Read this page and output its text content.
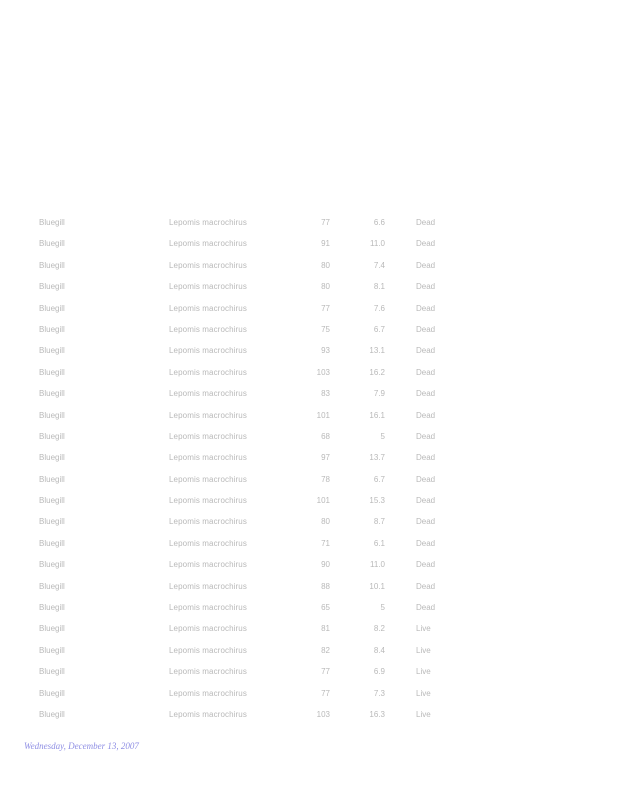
Bluegill	Lepomis macrochirus	77	6.6	Dead
Bluegill	Lepomis macrochirus	91	11.0	Dead
Bluegill	Lepomis macrochirus	80	7.4	Dead
Bluegill	Lepomis macrochirus	80	8.1	Dead
Bluegill	Lepomis macrochirus	77	7.6	Dead
Bluegill	Lepomis macrochirus	75	6.7	Dead
Bluegill	Lepomis macrochirus	93	13.1	Dead
Bluegill	Lepomis macrochirus	103	16.2	Dead
Bluegill	Lepomis macrochirus	83	7.9	Dead
Bluegill	Lepomis macrochirus	101	16.1	Dead
Bluegill	Lepomis macrochirus	68	5	Dead
Bluegill	Lepomis macrochirus	97	13.7	Dead
Bluegill	Lepomis macrochirus	78	6.7	Dead
Bluegill	Lepomis macrochirus	101	15.3	Dead
Bluegill	Lepomis macrochirus	80	8.7	Dead
Bluegill	Lepomis macrochirus	71	6.1	Dead
Bluegill	Lepomis macrochirus	90	11.0	Dead
Bluegill	Lepomis macrochirus	88	10.1	Dead
Bluegill	Lepomis macrochirus	65	5	Dead
Bluegill	Lepomis macrochirus	81	8.2	Live
Bluegill	Lepomis macrochirus	82	8.4	Live
Bluegill	Lepomis macrochirus	77	6.9	Live
Bluegill	Lepomis macrochirus	77	7.3	Live
Bluegill	Lepomis macrochirus	103	16.3	Live
Wednesday, December 13, 2007
